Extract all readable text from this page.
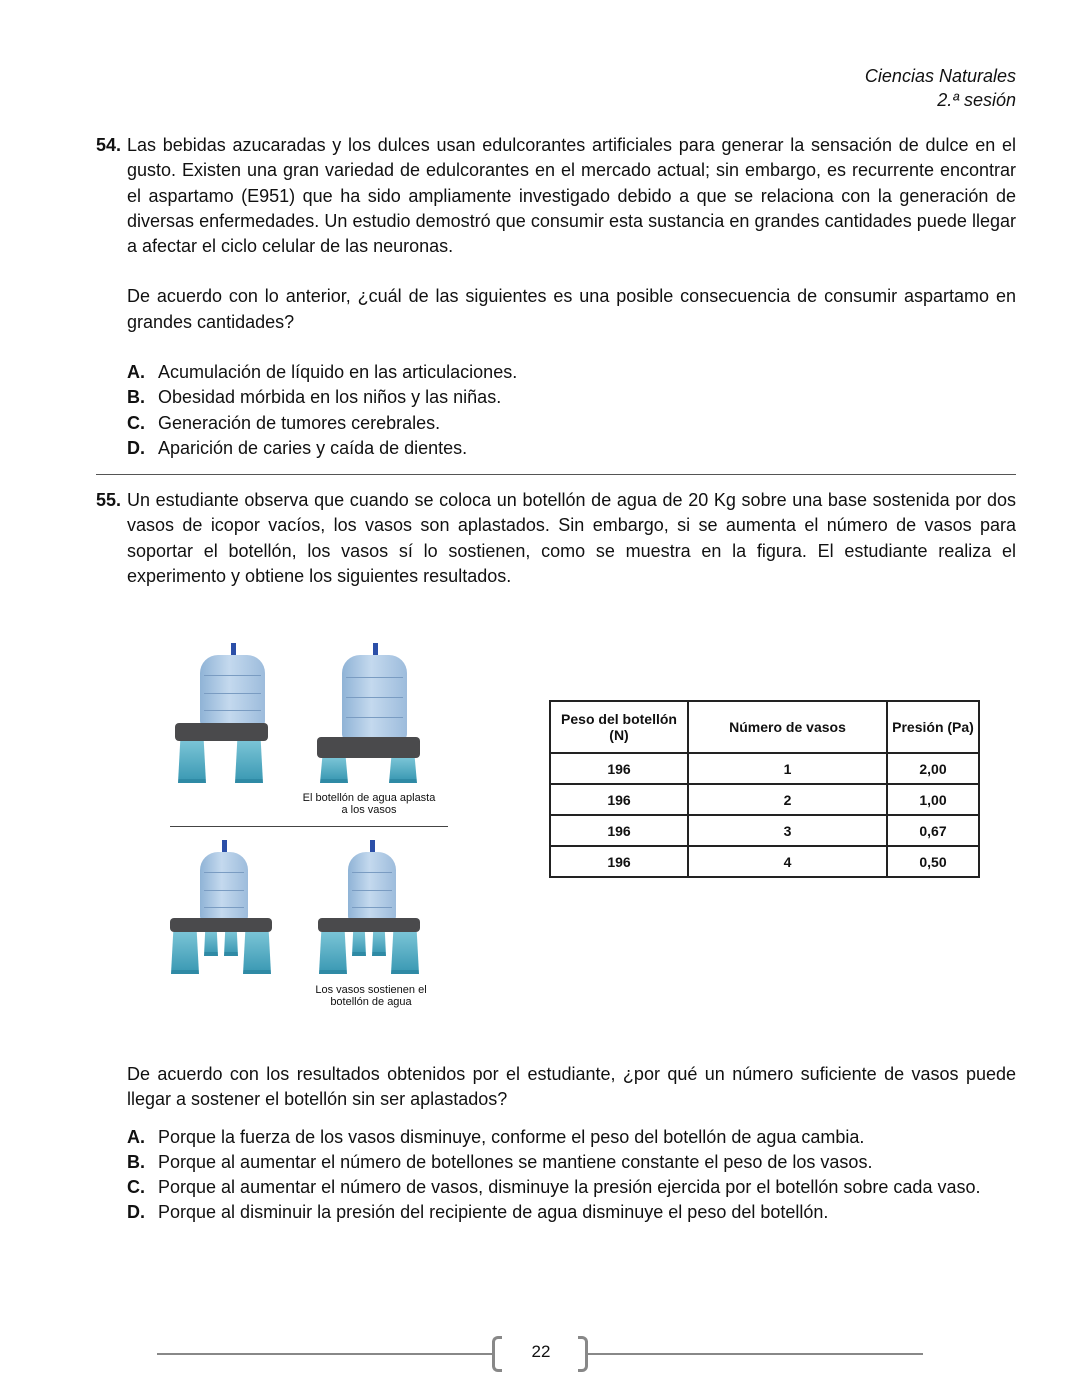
Ciencias Naturales
2.ª sesión
54. Las bebidas azucaradas y los dulces usan edulcorantes artificiales para generar la sensación de dulce en el gusto. Existen una gran variedad de edulcorantes en el mercado actual; sin embargo, es recurrente encontrar el aspartamo (E951) que ha sido ampliamente investigado debido a que se relaciona con la generación de diversas enfermedades. Un estudio demostró que consumir esta sustancia en grandes cantidades puede llegar a afectar el ciclo celular de las neuronas.

De acuerdo con lo anterior, ¿cuál de las siguientes es una posible consecuencia de consumir aspartamo en grandes cantidades?

A. Acumulación de líquido en las articulaciones.
B. Obesidad mórbida en los niños y las niñas.
C. Generación de tumores cerebrales.
D. Aparición de caries y caída de dientes.
55. Un estudiante observa que cuando se coloca un botellón de agua de 20 Kg sobre una base sostenida por dos vasos de icopor vacíos, los vasos son aplastados. Sin embargo, si se aumenta el número de vasos para soportar el botellón, los vasos sí lo sostienen, como se muestra en la figura. El estudiante realiza el experimento y obtiene los siguientes resultados.

El botellón de agua aplasta a los vasos
Los vasos sostienen el botellón de agua
Peso del botellón (N)	Número de vasos	Presión (Pa)
196	1	2,00
196	2	1,00
196	3	0,67
196	4	0,50

De acuerdo con los resultados obtenidos por el estudiante, ¿por qué un número suficiente de vasos puede llegar a sostener el botellón sin ser aplastados?

A. Porque la fuerza de los vasos disminuye, conforme el peso del botellón de agua cambia.
B. Porque al aumentar el número de botellones se mantiene constante el peso de los vasos.
C. Porque al aumentar el número de vasos, disminuye la presión ejercida por el botellón sobre cada vaso.
D. Porque al disminuir la presión del recipiente de agua disminuye el peso del botellón.
22
